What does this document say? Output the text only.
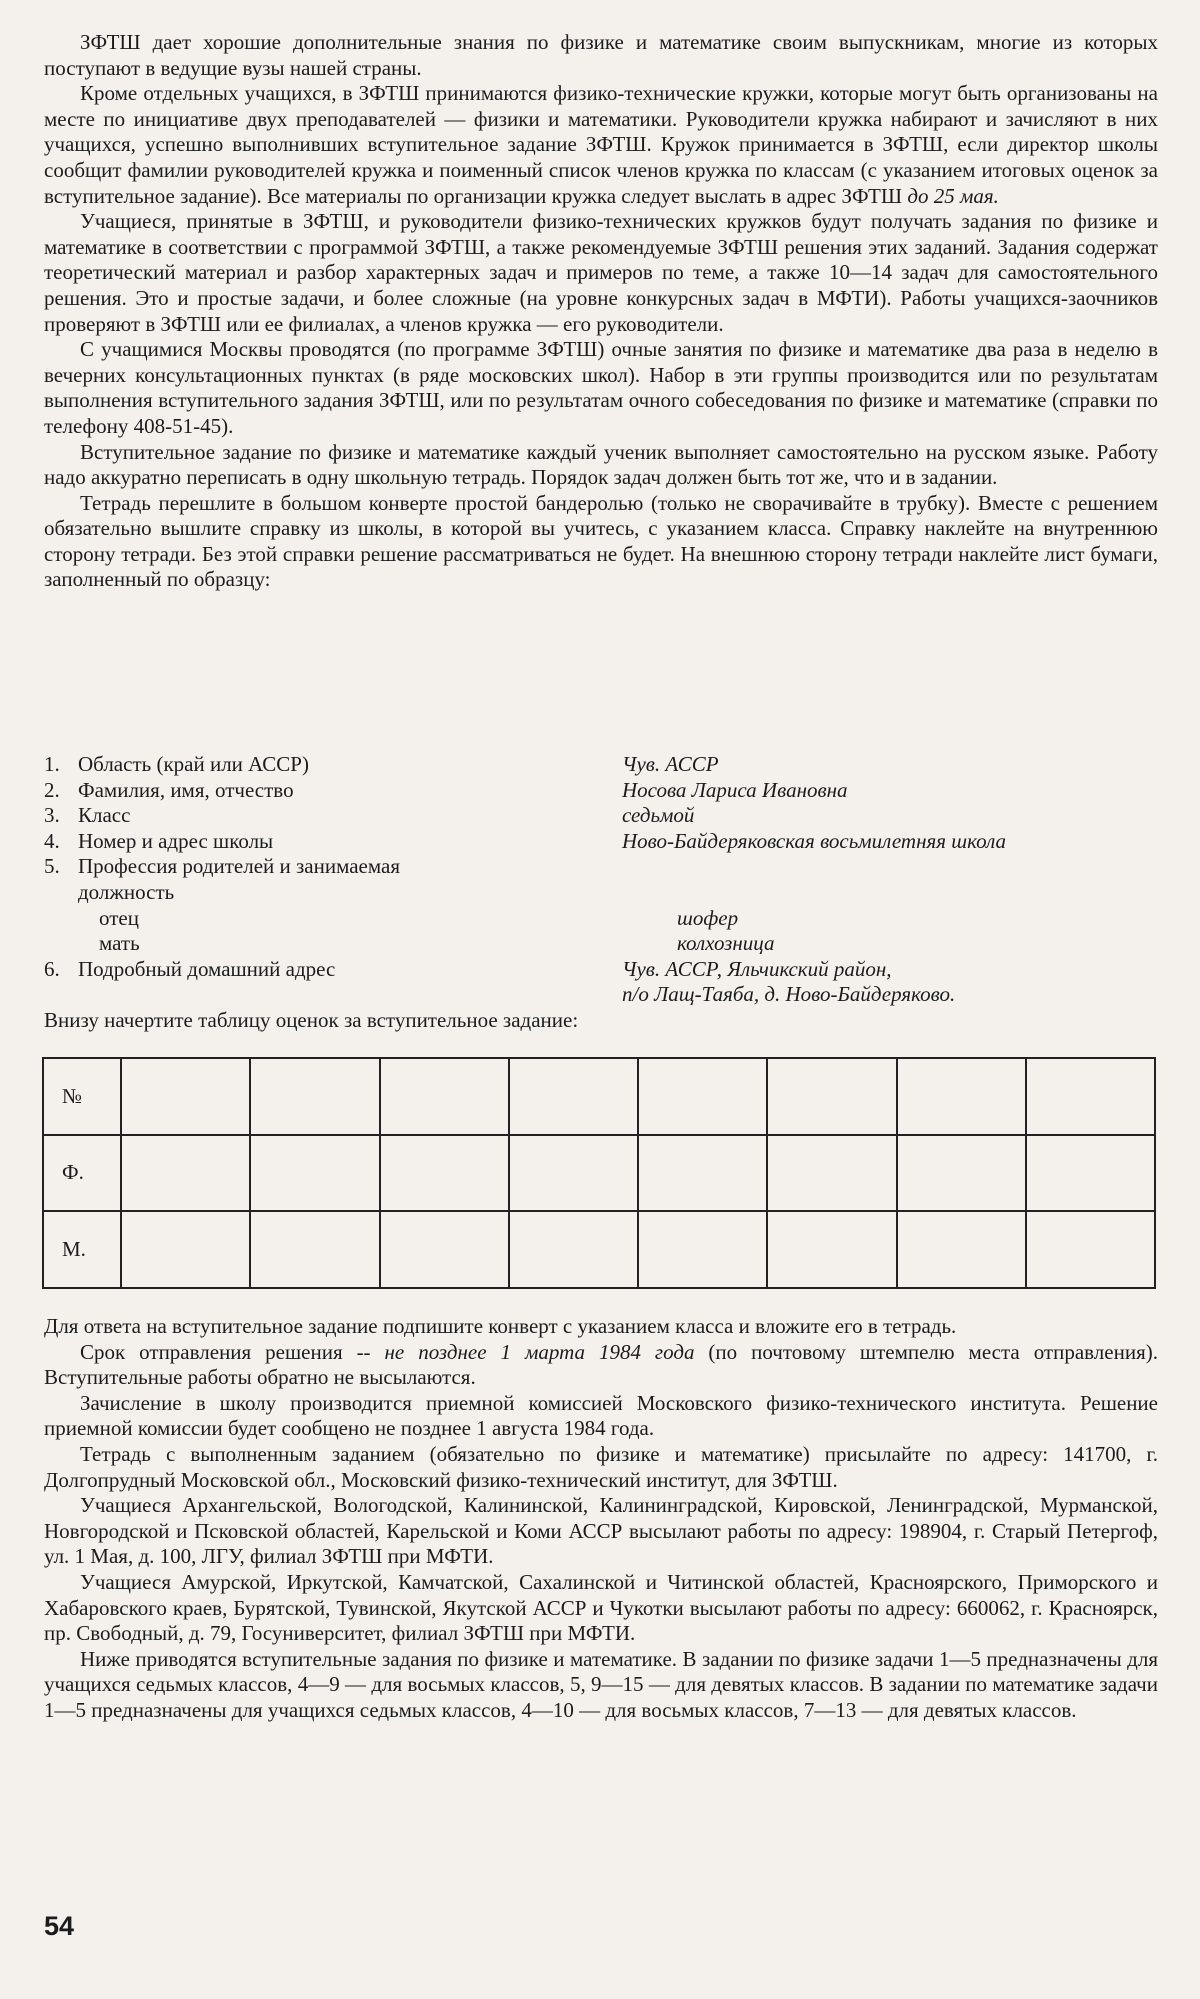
ЗФТШ дает хорошие дополнительные знания по физике и математике своим выпускникам, многие из которых поступают в ведущие вузы нашей страны.

Кроме отдельных учащихся, в ЗФТШ принимаются физико-технические кружки, которые могут быть организованы на месте по инициативе двух преподавателей — физики и математики. Руководители кружка набирают и зачисляют в них учащихся, успешно выполнивших вступительное задание ЗФТШ. Кружок принимается в ЗФТШ, если директор школы сообщит фамилии руководителей кружка и поименный список членов кружка по классам (с указанием итоговых оценок за вступительное задание). Все материалы по организации кружка следует выслать в адрес ЗФТШ до 25 мая.

Учащиеся, принятые в ЗФТШ, и руководители физико-технических кружков будут получать задания по физике и математике в соответствии с программой ЗФТШ, а также рекомендуемые ЗФТШ решения этих заданий. Задания содержат теоретический материал и разбор характерных задач и примеров по теме, а также 10—14 задач для самостоятельного решения. Это и простые задачи, и более сложные (на уровне конкурсных задач в МФТИ). Работы учащихся-заочников проверяют в ЗФТШ или ее филиалах, а членов кружка — его руководители.

С учащимися Москвы проводятся (по программе ЗФТШ) очные занятия по физике и математике два раза в неделю в вечерних консультационных пунктах (в ряде московских школ). Набор в эти группы производится или по результатам выполнения вступительного задания ЗФТШ, или по результатам очного собеседования по физике и математике (справки по телефону 408-51-45).

Вступительное задание по физике и математике каждый ученик выполняет самостоятельно на русском языке. Работу надо аккуратно переписать в одну школьную тетрадь. Порядок задач должен быть тот же, что и в задании.

Тетрадь перешлите в большом конверте простой бандеролью (только не сворачивайте в трубку). Вместе с решением обязательно вышлите справку из школы, в которой вы учитесь, с указанием класса. Справку наклейте на внутреннюю сторону тетради. Без этой справки решение рассматриваться не будет. На внешнюю сторону тетради наклейте лист бумаги, заполненный по образцу:

1. Область (край или АССР)	Чув. АССР
2. Фамилия, имя, отчество	Носова Лариса Ивановна
3. Класс	седьмой
4. Номер и адрес школы	Ново-Байдеряковская восьмилетняя школа
5. Профессия родителей и занимаемая
должность
отец	шофер
мать	колхозница
6. Подробный домашний адрес	Чув. АССР, Яльчикский район,
п/о Лащ-Таяба, д. Ново-Байдеряково.
Внизу начертите таблицу оценок за вступительное задание:
№								
Ф.								
М.								

Для ответа на вступительное задание подпишите конверт с указанием класса и вложите его в тетрадь.

Срок отправления решения -- не позднее 1 марта 1984 года (по почтовому штемпелю места отправления). Вступительные работы обратно не высылаются.

Зачисление в школу производится приемной комиссией Московского физико-технического института. Решение приемной комиссии будет сообщено не позднее 1 августа 1984 года.

Тетрадь с выполненным заданием (обязательно по физике и математике) присылайте по адресу: 141700, г. Долгопрудный Московской обл., Московский физико-технический институт, для ЗФТШ.

Учащиеся Архангельской, Вологодской, Калининской, Калининградской, Кировской, Ленинградской, Мурманской, Новгородской и Псковской областей, Карельской и Коми АССР высылают работы по адресу: 198904, г. Старый Петергоф, ул. 1 Мая, д. 100, ЛГУ, филиал ЗФТШ при МФТИ.

Учащиеся Амурской, Иркутской, Камчатской, Сахалинской и Читинской областей, Красноярского, Приморского и Хабаровского краев, Бурятской, Тувинской, Якутской АССР и Чукотки высылают работы по адресу: 660062, г. Красноярск, пр. Свободный, д. 79, Госуниверситет, филиал ЗФТШ при МФТИ.

Ниже приводятся вступительные задания по физике и математике. В задании по физике задачи 1—5 предназначены для учащихся седьмых классов, 4—9 — для восьмых классов, 5, 9—15 — для девятых классов. В задании по математике задачи 1—5 предназначены для учащихся седьмых классов, 4—10 — для восьмых классов, 7—13 — для девятых классов.

54
